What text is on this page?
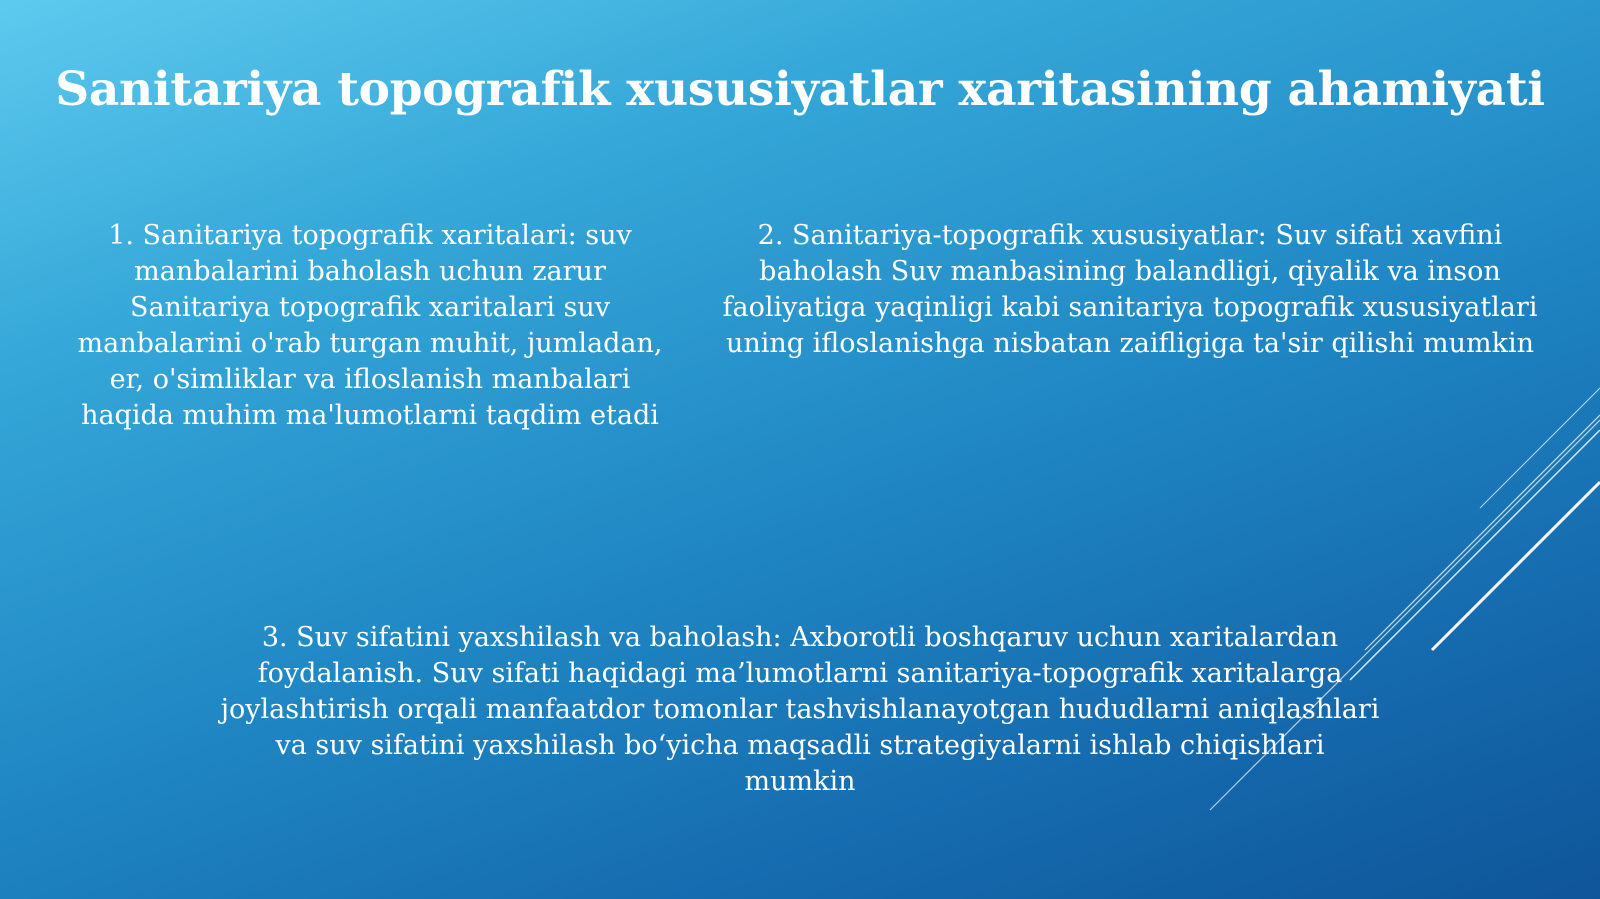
Sanitariya topografik xususiyatlar xaritasining ahamiyati
1. Sanitariya topografik xaritalari: suv manbalarini baholash uchun zarur Sanitariya topografik xaritalari suv manbalarini o'rab turgan muhit, jumladan, er, o'simliklar va ifloslanish manbalari haqida muhim ma'lumotlarni taqdim etadi
2. Sanitariya-topografik xususiyatlar: Suv sifati xavfini baholash Suv manbasining balandligi, qiyalik va inson faoliyatiga yaqinligi kabi sanitariya topografik xususiyatlari uning ifloslanishga nisbatan zaifligiga ta'sir qilishi mumkin
3. Suv sifatini yaxshilash va baholash: Axborotli boshqaruv uchun xaritalardan foydalanish. Suv sifati haqidagi ma’lumotlarni sanitariya-topografik xaritalarga joylashtirish orqali manfaatdor tomonlar tashvishlanayotgan hududlarni aniqlashlari va suv sifatini yaxshilash bo‘yicha maqsadli strategiyalarni ishlab chiqishlari mumkin
